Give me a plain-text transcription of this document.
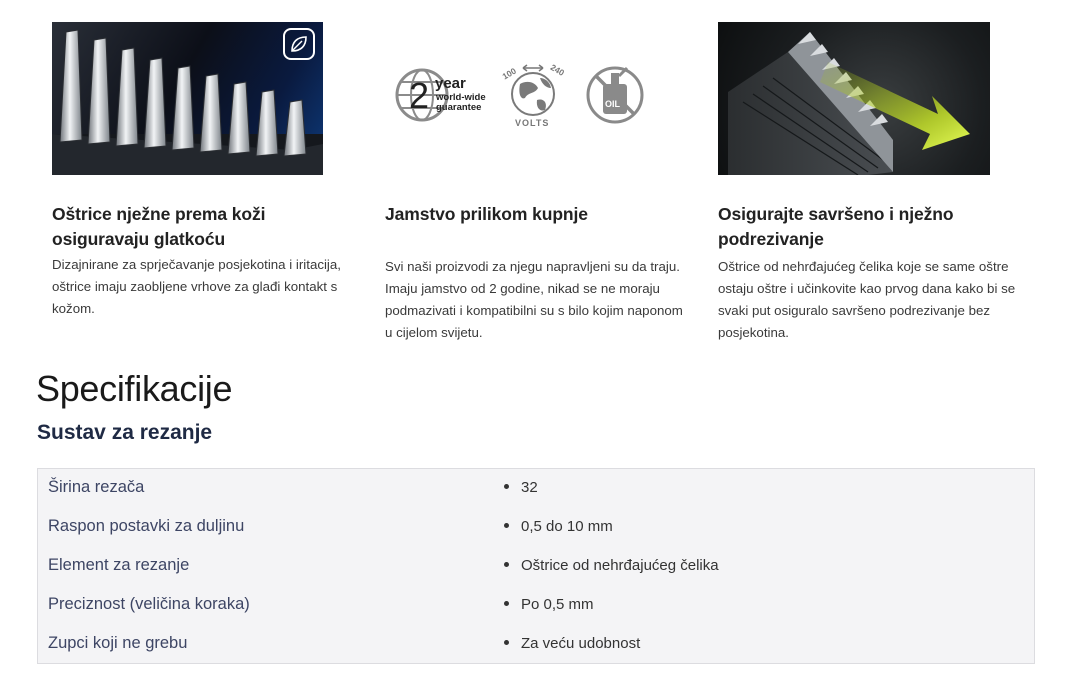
Oštrice nježne prema koži osiguravaju glatkoću

Dizajnirane za sprječavanje posjekotina i iritacija, oštrice imaju zaobljene vrhove za glađi kontakt s kožom.

2 year
world-wide
guarantee
100	240
VOLTS
OIL
Jamstvo prilikom kupnje

Svi naši proizvodi za njegu napravljeni su da traju. Imaju jamstvo od 2 godine, nikad se ne moraju podmazivati i kompatibilni su s bilo kojim naponom u cijelom svijetu.

Osigurajte savršeno i nježno podrezivanje

Oštrice od nehrđajućeg čelika koje se same oštre ostaju oštre i učinkovite kao prvog dana kako bi se svaki put osiguralo savršeno podrezivanje bez posjekotina.

Specifikacije
Sustav za rezanje
Širina rezača	32
Raspon postavki za duljinu	0,5 do 10 mm
Element za rezanje	Oštrice od nehrđajućeg čelika
Preciznost (veličina koraka)	Po 0,5 mm
Zupci koji ne grebu	Za veću udobnost
